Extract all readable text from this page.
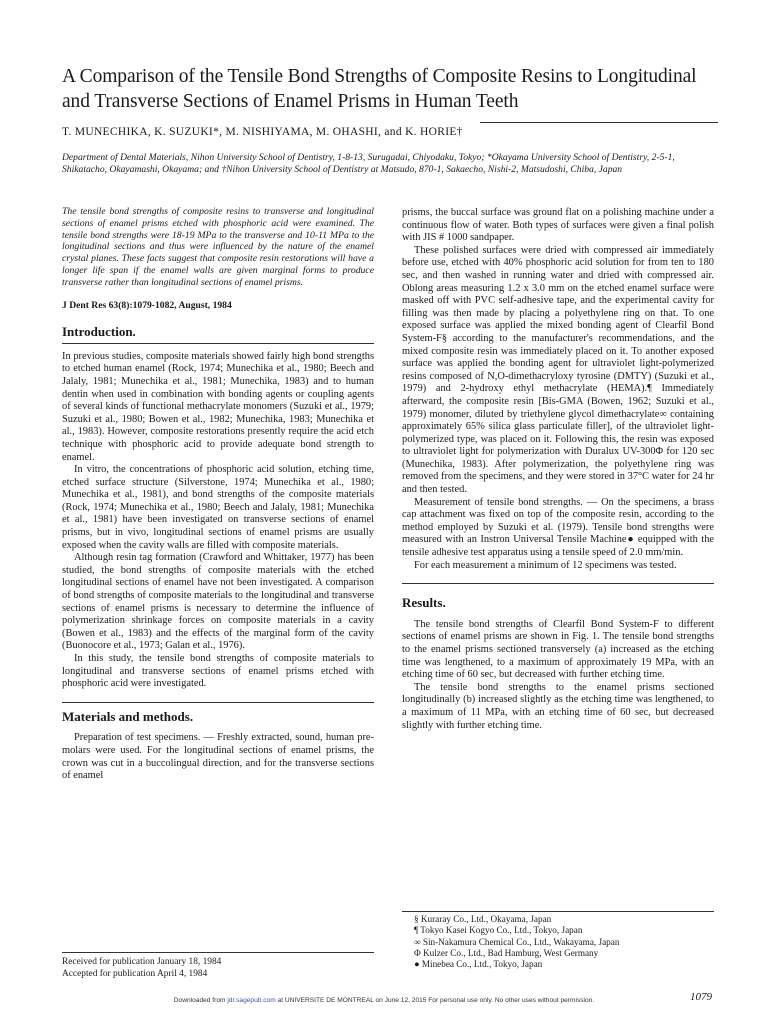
A Comparison of the Tensile Bond Strengths of Composite Resins to Longitudinal and Transverse Sections of Enamel Prisms in Human Teeth
T. MUNECHIKA, K. SUZUKI*, M. NISHIYAMA, M. OHASHI, and K. HORIE†
Department of Dental Materials, Nihon University School of Dentistry, 1-8-13, Surugadai, Chiyodaku, Tokyo; *Okayama University School of Dentistry, 2-5-1, Shikatacho, Okayamashi, Okayama; and †Nihon University School of Dentistry at Matsudo, 870-1, Sakaecho, Nishi-2, Matsudoshi, Chiba, Japan
The tensile bond strengths of composite resins to transverse and longitudinal sections of enamel prisms etched with phosphoric acid were examined. The tensile bond strengths were 18-19 MPa to the transverse and 10-11 MPa to the longitudinal sections and thus were influenced by the nature of the enamel crystal planes. These facts suggest that composite resin restorations will have a longer life span if the enamel walls are given marginal forms to produce transverse rather than longitudinal sections of enamel prisms.
J Dent Res 63(8):1079-1082, August, 1984
Introduction.

In previous studies, composite materials showed fairly high bond strengths to etched human enamel (Rock, 1974; Munechika et al., 1980; Beech and Jalaly, 1981; Munechika et al., 1981; Munechika, 1983) and to human dentin when used in combination with bonding agents or coupling agents of several kinds of functional methacrylate monomers (Suzuki et al., 1979; Suzuki et al., 1980; Bowen et al., 1982; Munechika, 1983; Munechika et al., 1983). However, composite restorations presently require the acid etch technique with phosphoric acid to provide adequate bond strength to enamel.

In vitro, the concentrations of phosphoric acid solution, etching time, etched surface structure (Silverstone, 1974; Munechika et al., 1980; Munechika et al., 1981), and bond strengths of the composite materials (Rock, 1974; Munechika et al., 1980; Beech and Jalaly, 1981; Munechika et al., 1981) have been investigated on transverse sections of enamel prisms, but in vivo, longitudinal sections of enamel prisms are usually exposed when the cavity walls are filled with composite materials.

Although resin tag formation (Crawford and Whittaker, 1977) has been studied, the bond strengths of composite materials with the etched longitudinal sections of enamel have not been investigated. A comparison of bond strengths of composite materials to the longitudinal and transverse sections of enamel prisms is necessary to determine the influence of polymerization shrinkage forces on composite materials in a cavity (Bowen et al., 1983) and the effects of the marginal form of the cavity (Buonocore et al., 1973; Galan et al., 1976).

In this study, the tensile bond strengths of composite materials to longitudinal and transverse sections of enamel prisms etched with phosphoric acid were investigated.

Materials and methods.

Preparation of test specimens. — Freshly extracted, sound, human pre-molars were used. For the longitudinal sections of enamel prisms, the crown was cut in a buccolingual direction, and for the transverse sections of enamel

prisms, the buccal surface was ground flat on a polishing machine under a continuous flow of water. Both types of surfaces were given a final polish with JIS # 1000 sandpaper.

These polished surfaces were dried with compressed air immediately before use, etched with 40% phosphoric acid solution for from ten to 180 sec, and then washed in running water and dried with compressed air. Oblong areas measuring 1.2 x 3.0 mm on the etched enamel surface were masked off with PVC self-adhesive tape, and the experimental cavity for filling was then made by placing a polyethylene ring on that. To one exposed surface was applied the mixed bonding agent of Clearfil Bond System-F§ according to the manufacturer's recommendations, and the mixed composite resin was immediately placed on it. To another exposed surface was applied the bonding agent for ultraviolet light-polymerized resins composed of N,O-dimethacryloxy tyrosine (DMTY) (Suzuki et al., 1979) and 2-hydroxy ethyl methacrylate (HEMA).¶ Immediately afterward, the composite resin [Bis-GMA (Bowen, 1962; Suzuki et al., 1979) monomer, diluted by triethylene glycol dimethacrylate∞ containing approximately 65% silica glass particulate filler], of the ultraviolet light-polymerized type, was placed on it. Following this, the resin was exposed to ultraviolet light for polymerization with Duralux UV-300Φ for 120 sec (Munechika, 1983). After polymerization, the polyethylene ring was removed from the specimens, and they were stored in 37°C water for 24 hr and then tested.

Measurement of tensile bond strengths. — On the specimens, a brass cap attachment was fixed on top of the composite resin, according to the method employed by Suzuki et al. (1979). Tensile bond strengths were measured with an Instron Universal Tensile Machine● equipped with the tensile adhesive test apparatus using a tensile speed of 2.0 mm/min.

For each measurement a minimum of 12 specimens was tested.

Results.

The tensile bond strengths of Clearfil Bond System-F to different sections of enamel prisms are shown in Fig. 1. The tensile bond strengths to the enamel prisms sectioned transversely (a) increased as the etching time was lengthened, to a maximum of approximately 19 MPa, with an etching time of 60 sec, but decreased with further etching time.

The tensile bond strengths to the enamel prisms sectioned longitudinally (b) increased slightly as the etching time was lengthened, to a maximum of 11 MPa, with an etching time of 60 sec, but decreased slightly with further etching time.

§ Kuraray Co., Ltd., Okayama, Japan
¶ Tokyo Kasei Kogyo Co., Ltd., Tokyo, Japan
∞ Sin-Nakamura Chemical Co., Ltd., Wakayama, Japan
Φ Kulzer Co., Ltd., Bad Hamburg, West Germany
● Minebea Co., Ltd., Tokyo, Japan
Received for publication January 18, 1984
Accepted for publication April 4, 1984
Downloaded from jdr.sagepub.com at UNIVERSITE DE MONTREAL on June 12, 2015 For personal use only. No other uses without permission.	1079
